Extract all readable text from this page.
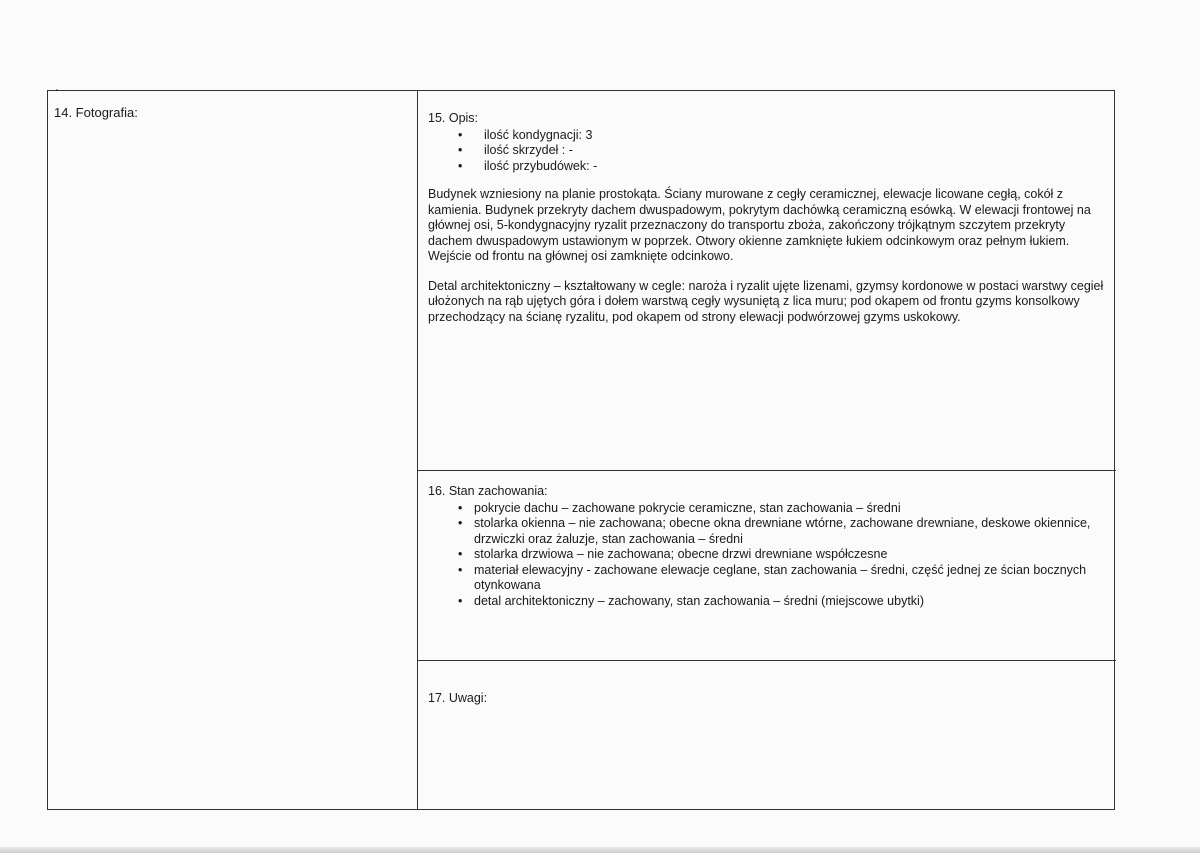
'
14. Fotografia:	15. Opis:
• ilość kondygnacji: 3
• ilość skrzydeł : -
• ilość przybudówek: -

Budynek wzniesiony na planie prostokąta. Ściany murowane z cegły ceramicznej, elewacje licowane cegłą, cokół z kamienia. Budynek przekryty dachem dwuspadowym, pokrytym dachówką ceramiczną esówką. W elewacji frontowej na głównej osi, 5-kondygnacyjny ryzalit przeznaczony do transportu zboża, zakończony trójkątnym szczytem przekryty dachem dwuspadowym ustawionym w poprzek. Otwory okienne zamknięte łukiem odcinkowym oraz pełnym łukiem. Wejście od frontu na głównej osi zamknięte odcinkowo.

Detal architektoniczny – kształtowany w cegle: naroża i ryzalit ujęte lizenami, gzymsy kordonowe w postaci warstwy cegieł ułożonych na rąb ujętych góra i dołem warstwą cegły wysuniętą z lica muru; pod okapem od frontu gzyms konsolkowy przechodzący na ścianę ryzalitu, pod okapem od strony elewacji podwórzowej gzyms uskokowy.

16. Stan zachowania:
• pokrycie dachu – zachowane pokrycie ceramiczne, stan zachowania – średni
• stolarka okienna – nie zachowana; obecne okna drewniane wtórne, zachowane drewniane, deskowe okiennice, drzwiczki oraz żaluzje, stan zachowania – średni
• stolarka drzwiowa – nie zachowana; obecne drzwi drewniane współczesne
• materiał elewacyjny - zachowane elewacje ceglane, stan zachowania – średni, część jednej ze ścian bocznych otynkowana
• detal architektoniczny – zachowany, stan zachowania – średni (miejscowe ubytki)
17. Uwagi:
